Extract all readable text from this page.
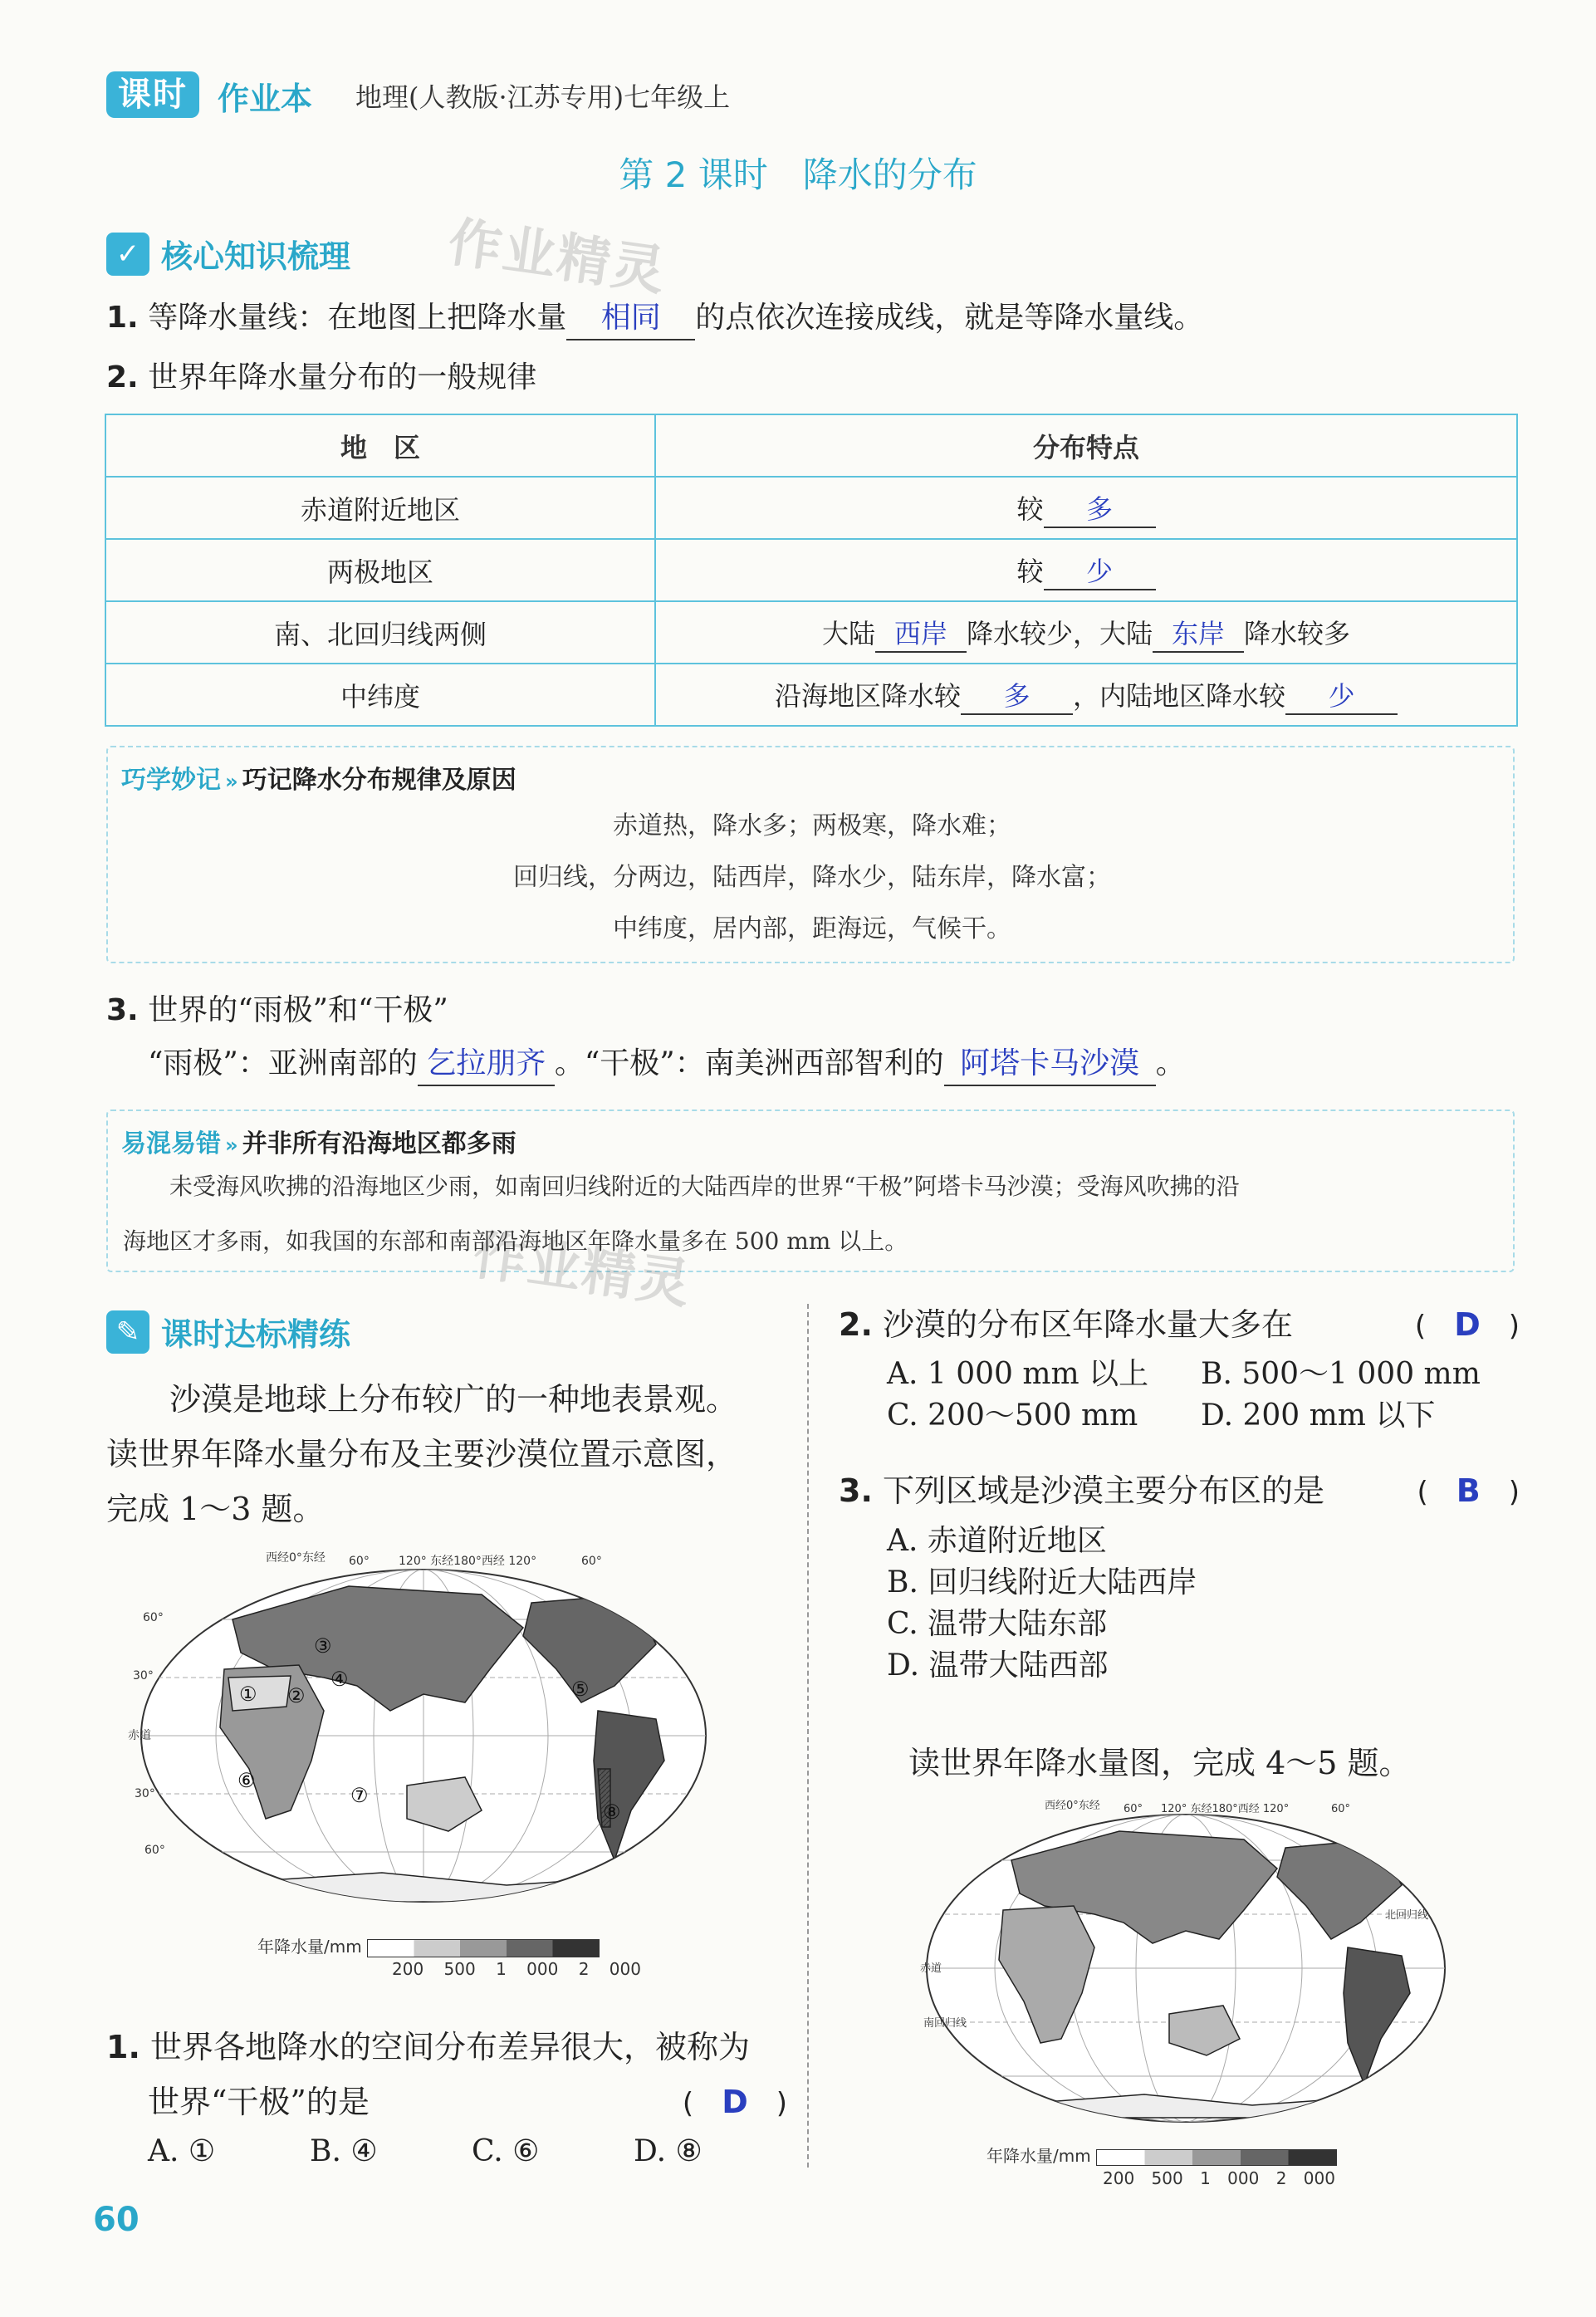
课时 作业本 地理(人教版·江苏专用)七年级上
第 2 课时　降水的分布
✓ 核心知识梳理 作业精灵
1. 等降水量线：在地图上把降水量 相同 的点依次连接成线，就是等降水量线。
2. 世界年降水量分布的一般规律
地　区	分布特点
赤道附近地区	较 多
两极地区	较 少
南、北回归线两侧	大陆 西岸 降水较少，大陆 东岸 降水较多
中纬度	沿海地区降水较 多 ，内陆地区降水较 少
巧学妙记 » 巧记降水分布规律及原因
赤道热，降水多；两极寒，降水难；
回归线，分两边，陆西岸，降水少，陆东岸，降水富；
中纬度，居内部，距海远，气候干。
3. 世界的“雨极”和“干极”
“雨极”：亚洲南部的 乞拉朋齐 。“干极”：南美洲西部智利的 阿塔卡马沙漠 。
易混易错 » 并非所有沿海地区都多雨
未受海风吹拂的沿海地区少雨，如南回归线附近的大陆西岸的世界“干极”阿塔卡马沙漠；受海风吹拂的沿
海地区才多雨，如我国的东部和南部沿海地区年降水量多在 500 mm 以上。
作业精灵
✎ 课时达标精练
沙漠是地球上分布较广的一种地表景观。
读世界年降水量分布及主要沙漠位置示意图，
完成 1～3 题。
① ②
③
④	⑤
⑥
⑦
⑧
西经0°东经 60°	120° 东经180°西经 120°	60°
60°
30°
赤道
30°
60°
年降水量/mm
200 500 1 000 2 000
1. 世界各地降水的空间分布差异很大，被称为
世界“干极”的是	(　D　)
A. ①	B. ④	C. ⑥	D. ⑧
2. 沙漠的分布区年降水量大多在	(　D　)
A. 1 000 mm 以上	B. 500～1 000 mm
C. 200～500 mm	D. 200 mm 以下
3. 下列区域是沙漠主要分布区的是	(　B　)
A. 赤道附近地区
B. 回归线附近大陆西岸
C. 温带大陆东部
D. 温带大陆西部
读世界年降水量图，完成 4～5 题。
西经0°东经 60° 120° 东经180°西经 120°	60°
北回归线
赤道
南回归线
年降水量/mm
200 500 1 000 2 000
60
